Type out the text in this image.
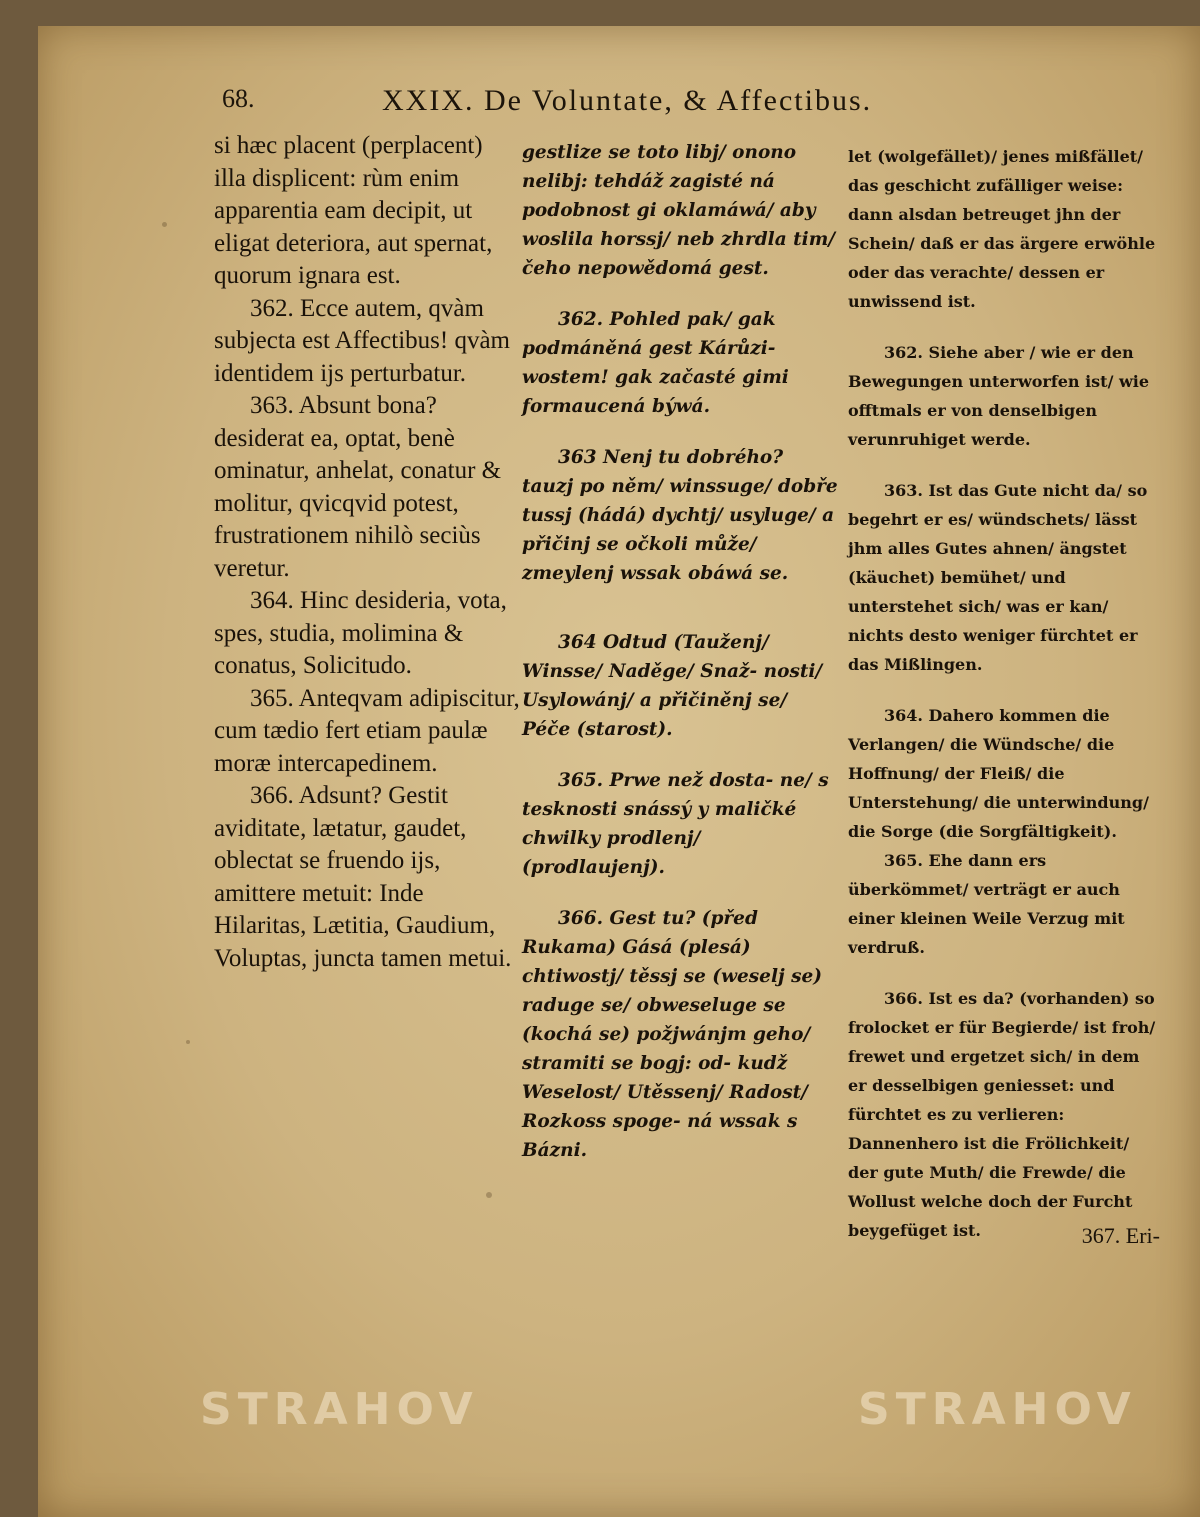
68.	XXIX. De Voluntate, & Affectibus.

si hæc placent (perplacent) illa displicent: rùm enim apparentia eam decipit, ut eligat deteriora, aut spernat, quorum ignara est.

362. Ecce autem, qvàm subjecta est Affectibus! qvàm identidem ijs perturbatur.

363. Absunt bona? desiderat ea, optat, benè ominatur, anhelat, conatur & molitur, qvicqvid potest, frustrationem nihilò seciùs veretur.

364. Hinc desideria, vota, spes, studia, molimina & conatus, Solicitudo.

365. Anteqvam adipiscitur, cum tædio fert etiam paulæ moræ intercapedinem.

366. Adsunt? Gestit aviditate, lætatur, gaudet, oblectat se fruendo ijs, amittere metuit: Inde Hilaritas, Lætitia, Gaudium, Voluptas, juncta tamen metui.

gestlize se toto libj/ onono nelibj: tehdáž zagisté ná podobnost gi oklamáwá/ aby woslila horssj/ neb zhrdla tim/ čeho nepowědomá gest.

362. Pohled pak/ gak podmáněná gest Kárůzi- wostem! gak začasté gimi formaucená býwá.

363 Nenj tu dobrého? tauzj po něm/ winssuge/ dobře tussj (hádá) dychtj/ usyluge/ a přičinj se očkoli může/ zmeylenj wssak obáwá se.

364 Odtud (Tauženj/ Winsse/ Naděge/ Snaž- nosti/ Usylowánj/ a přičiněnj se/ Péče (starost).

365. Prwe než dosta- ne/ s tesknosti snássý y maličké chwilky prodlenj/ (prodlaujenj).

366. Gest tu? (před Rukama) Gásá (plesá) chtiwostj/ těssj se (weselj se) raduge se/ obweseluge se (kochá se) požjwánjm geho/ strатiti se bogj: od- kudž Weselost/ Utěssenj/ Radost/ Rozkoss spoge- ná wssak s Bázni.

let (wolgefället)/ jenes mißfället/ das geschicht zufälliger weise: dann alsdan betreuget jhn der Schein/ daß er das ärgere erwöhle oder das verachte/ dessen er unwissend ist.

362. Siehe aber / wie er den Bewegungen unterworfen ist/ wie offtmals er von denselbigen verunruhiget werde.

363. Ist das Gute nicht da/ so begehrt er es/ wündschets/ lässt jhm alles Gutes ahnen/ ängstet (käuchet) bemühet/ und unterstehet sich/ was er kan/ nichts desto weniger fürchtet er das Mißlingen.

364. Dahero kommen die Verlangen/ die Wündsche/ die Hoffnung/ der Fleiß/ die Unterstehung/ die unterwindung/ die Sorge (die Sorgfältigkeit).

365. Ehe dann ers überkömmet/ verträgt er auch einer kleinen Weile Verzug mit verdruß.

366. Ist es da? (vorhanden) so frolocket er für Begierde/ ist froh/ frewet und ergetzet sich/ in dem er desselbigen geniesset: und fürchtet es zu verlieren: Dannenhero ist die Frölichkeit/ der gute Muth/ die Frewde/ die Wollust welche doch der Furcht beygefüget ist.	367. Eri-

STRAHOV	STRAHOV
